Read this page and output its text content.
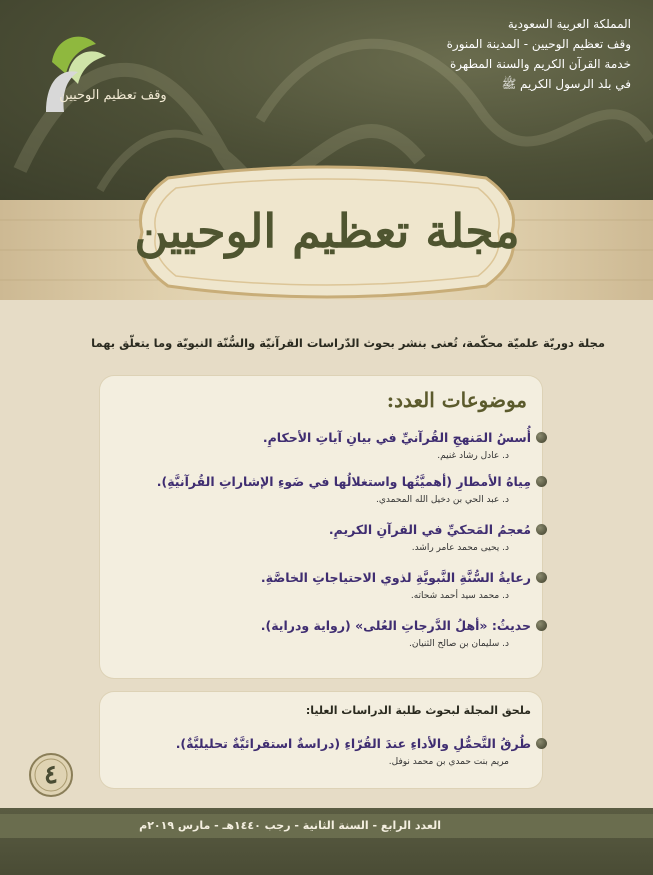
المملكة العربية السعودية
وقف تعظيم الوحيين - المدينة المنورة
خدمة القرآن الكريم والسنة المطهرة
في بلد الرسول الكريم ﷺ
وقف تعظيم الوحيين
مجلة تعظيم الوحيين
مجلة دوريّة علميّة محكّمة، تُعنى بنشر بحوث الدّراسات القرآنيّة والسُّنّة النبويّة وما يتعلّق بهما
موضوعات العدد:
أُسسُ المَنهجِ القُرآنيِّ في بيانِ آياتِ الأحكامِ.
د. عادل رشاد غنيم.
مِياهُ الأمطارِ (أهميَّتُها واستغلالُها في ضَوءِ الإشاراتِ القُرآنيَّةِ).
د. عبد الحي بن دخيل الله المحمدي.
مُعجمُ المَحكيِّ في القرآنِ الكريمِ.
د. يحيى محمد عامر راشد.
رعايةُ السُّنَّةِ النَّبويَّةِ لذوي الاحتياجاتِ الخاصَّةِ.
د. محمد سيد أحمد شحاته.
حديثُ: «أهلُ الدَّرجاتِ العُلى» (رواية ودراية).
د. سليمان بن صالح الثنيان.
ملحق المجلة لبحوث طلبة الدراسات العليا:
طُرقُ التَّحمُّلِ والأداءِ عندَ القُرّاءِ (دراسةٌ استقرائيَّةٌ تحليليَّةٌ).
مريم بنت حمدي بن محمد نوفل.
٤
العدد الرابع - السنة الثانية - رجب ١٤٤٠هـ - مارس ٢٠١٩م
